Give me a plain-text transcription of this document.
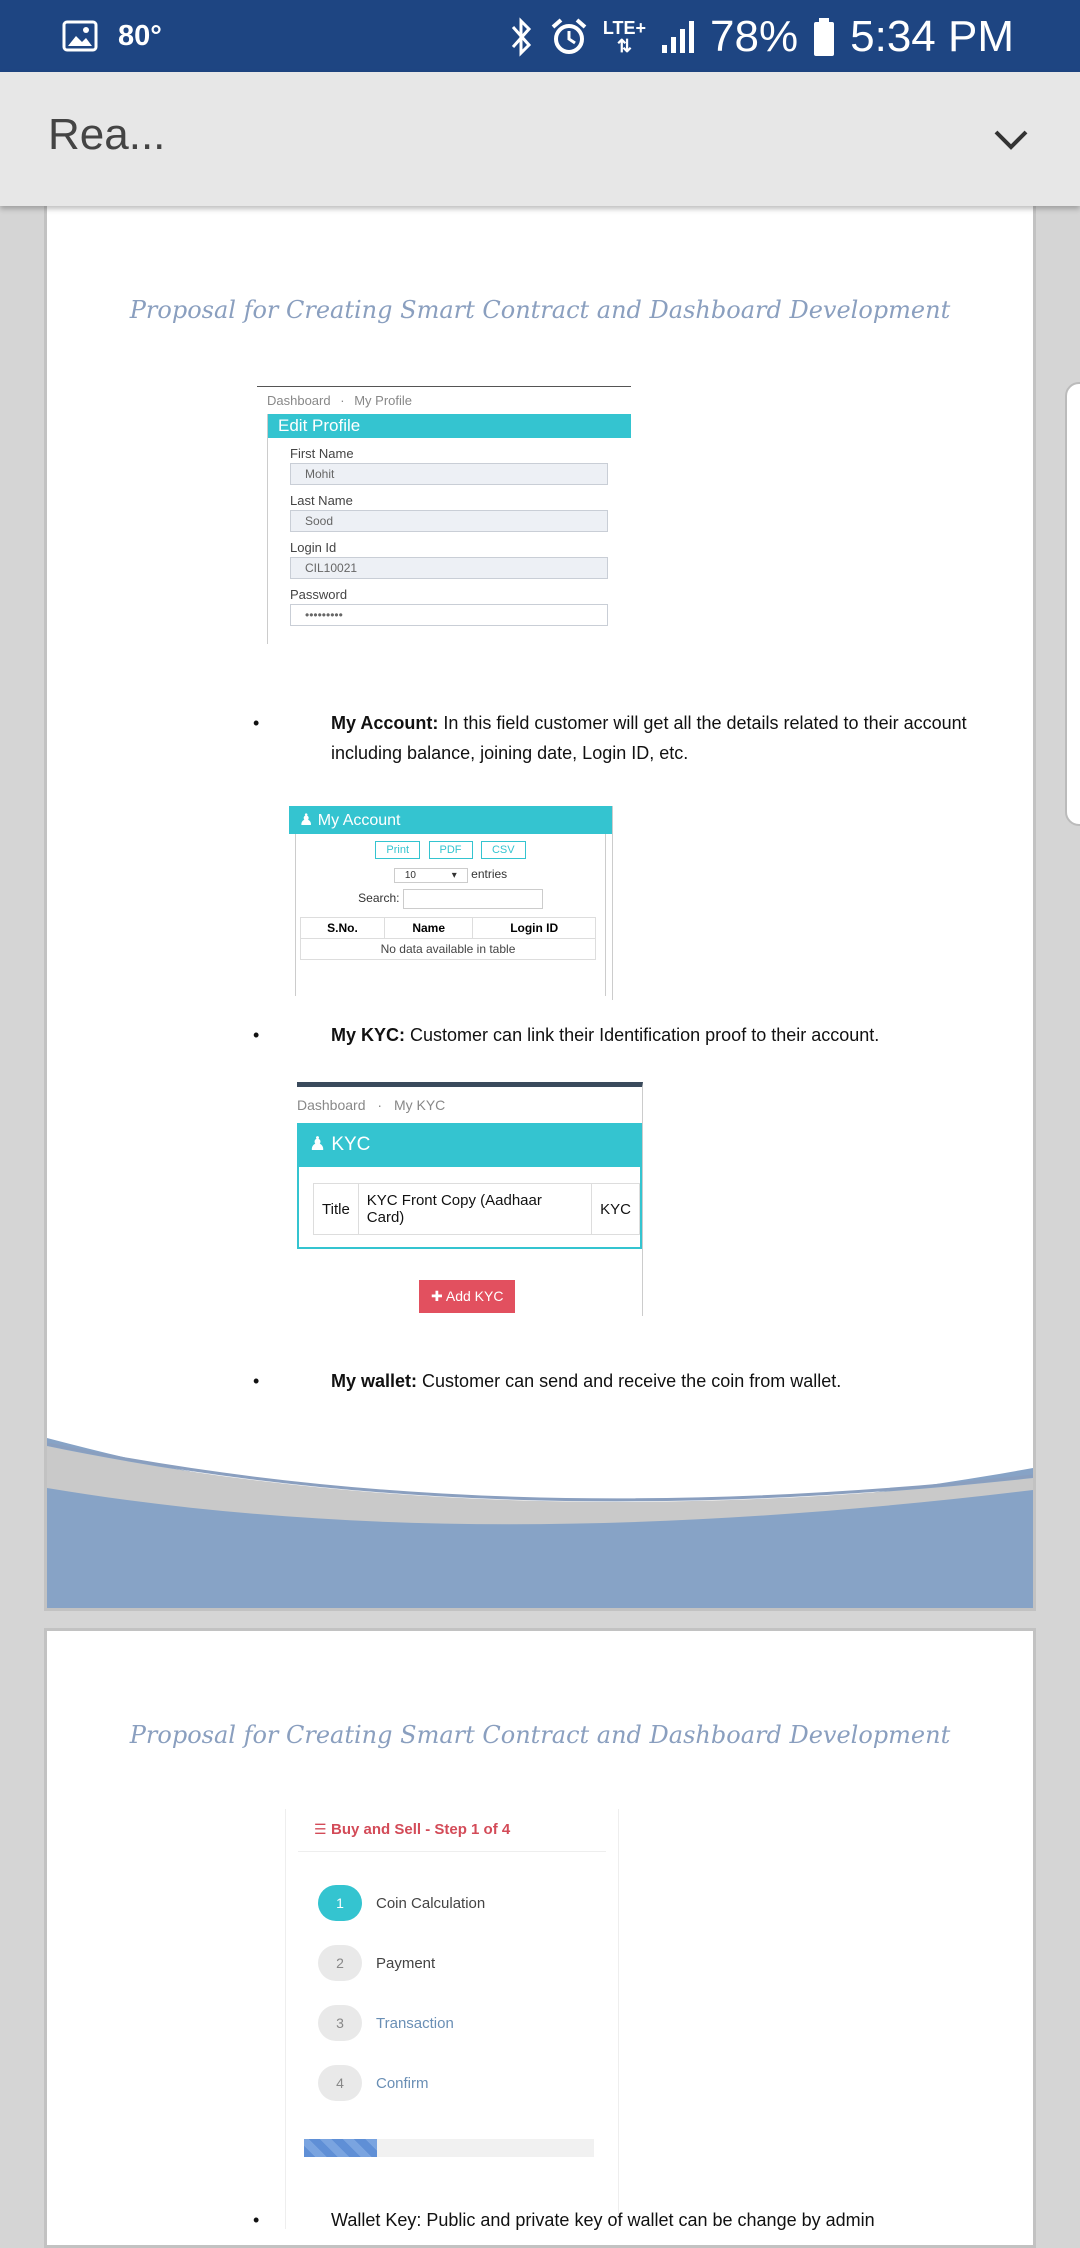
80°	LTE+
⇅	78% 5:34 PM
Rea...
Proposal for Creating Smart Contract and Dashboard Development
Dashboard · My Profile
Edit Profile
First Name
Mohit
Last Name
Sood
Login Id
CIL10021
Password
•••••••••
• My Account: In this field customer will get all the details related to their account including balance, joining date, Login ID, etc.
♟ My Account
Print	PDF	CSV
10	▾ entries
Search:
S.No.	Name	Login ID
No data available in table
• My KYC: Customer can link their Identification proof to their account.
Dashboard · My KYC
♟ KYC
Title	KYC Front Copy (Aadhaar Card)	KYC
✚ Add KYC
• My wallet: Customer can send and receive the coin from wallet.
Proposal for Creating Smart Contract and Dashboard Development
☰ Buy and Sell - Step 1 of 4
1	Coin Calculation
2	Payment
3	Transaction
4	Confirm
• Wallet Key: Public and private key of wallet can be change by admin
